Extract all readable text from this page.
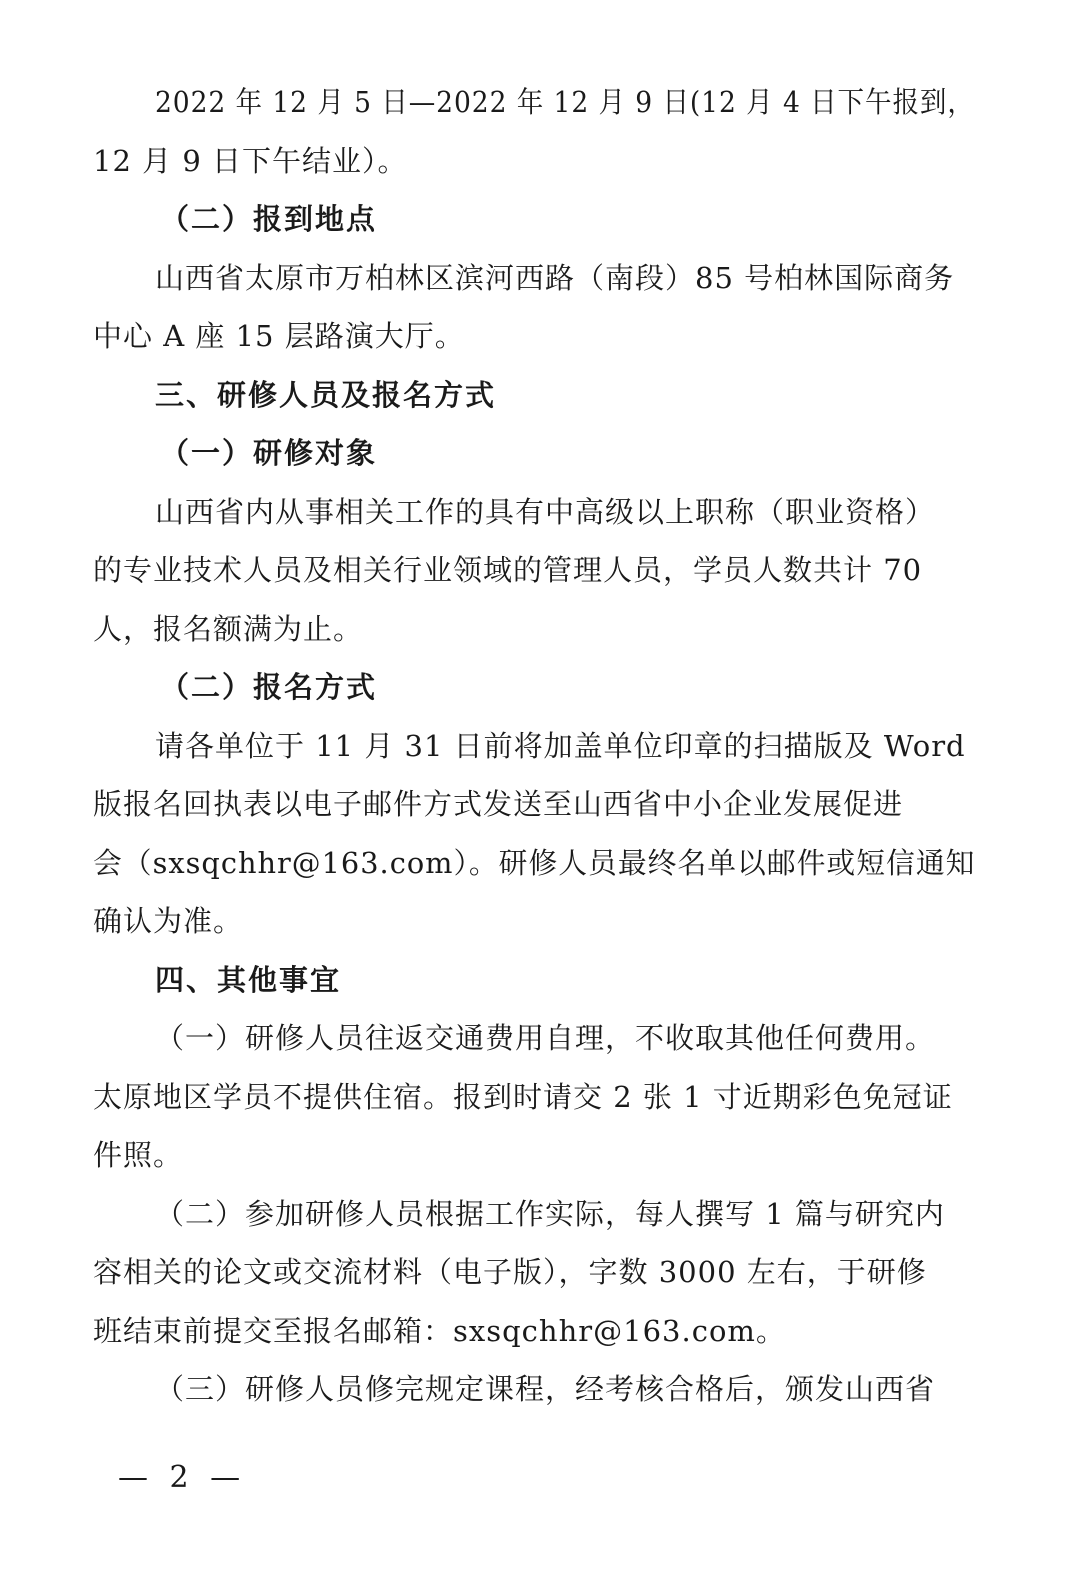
2022 年 12 月 5 日—2022 年 12 月 9 日(12 月 4 日下午报到，
12 月 9 日下午结业）。
（二）报到地点
山西省太原市万柏林区滨河西路（南段）85 号柏林国际商务
中心 A 座 15 层路演大厅。
三、研修人员及报名方式
（一）研修对象
山西省内从事相关工作的具有中高级以上职称（职业资格）
的专业技术人员及相关行业领域的管理人员，学员人数共计 70
人，报名额满为止。
（二）报名方式
请各单位于 11 月 31 日前将加盖单位印章的扫描版及 Word
版报名回执表以电子邮件方式发送至山西省中小企业发展促进
会（sxsqchhr@163.com）。研修人员最终名单以邮件或短信通知
确认为准。
四、其他事宜
（一）研修人员往返交通费用自理，不收取其他任何费用。
太原地区学员不提供住宿。报到时请交 2 张 1 寸近期彩色免冠证
件照。
（二）参加研修人员根据工作实际，每人撰写 1 篇与研究内
容相关的论文或交流材料（电子版），字数 3000 左右，于研修
班结束前提交至报名邮箱：sxsqchhr@163.com。
（三）研修人员修完规定课程，经考核合格后，颁发山西省
— 2 —
